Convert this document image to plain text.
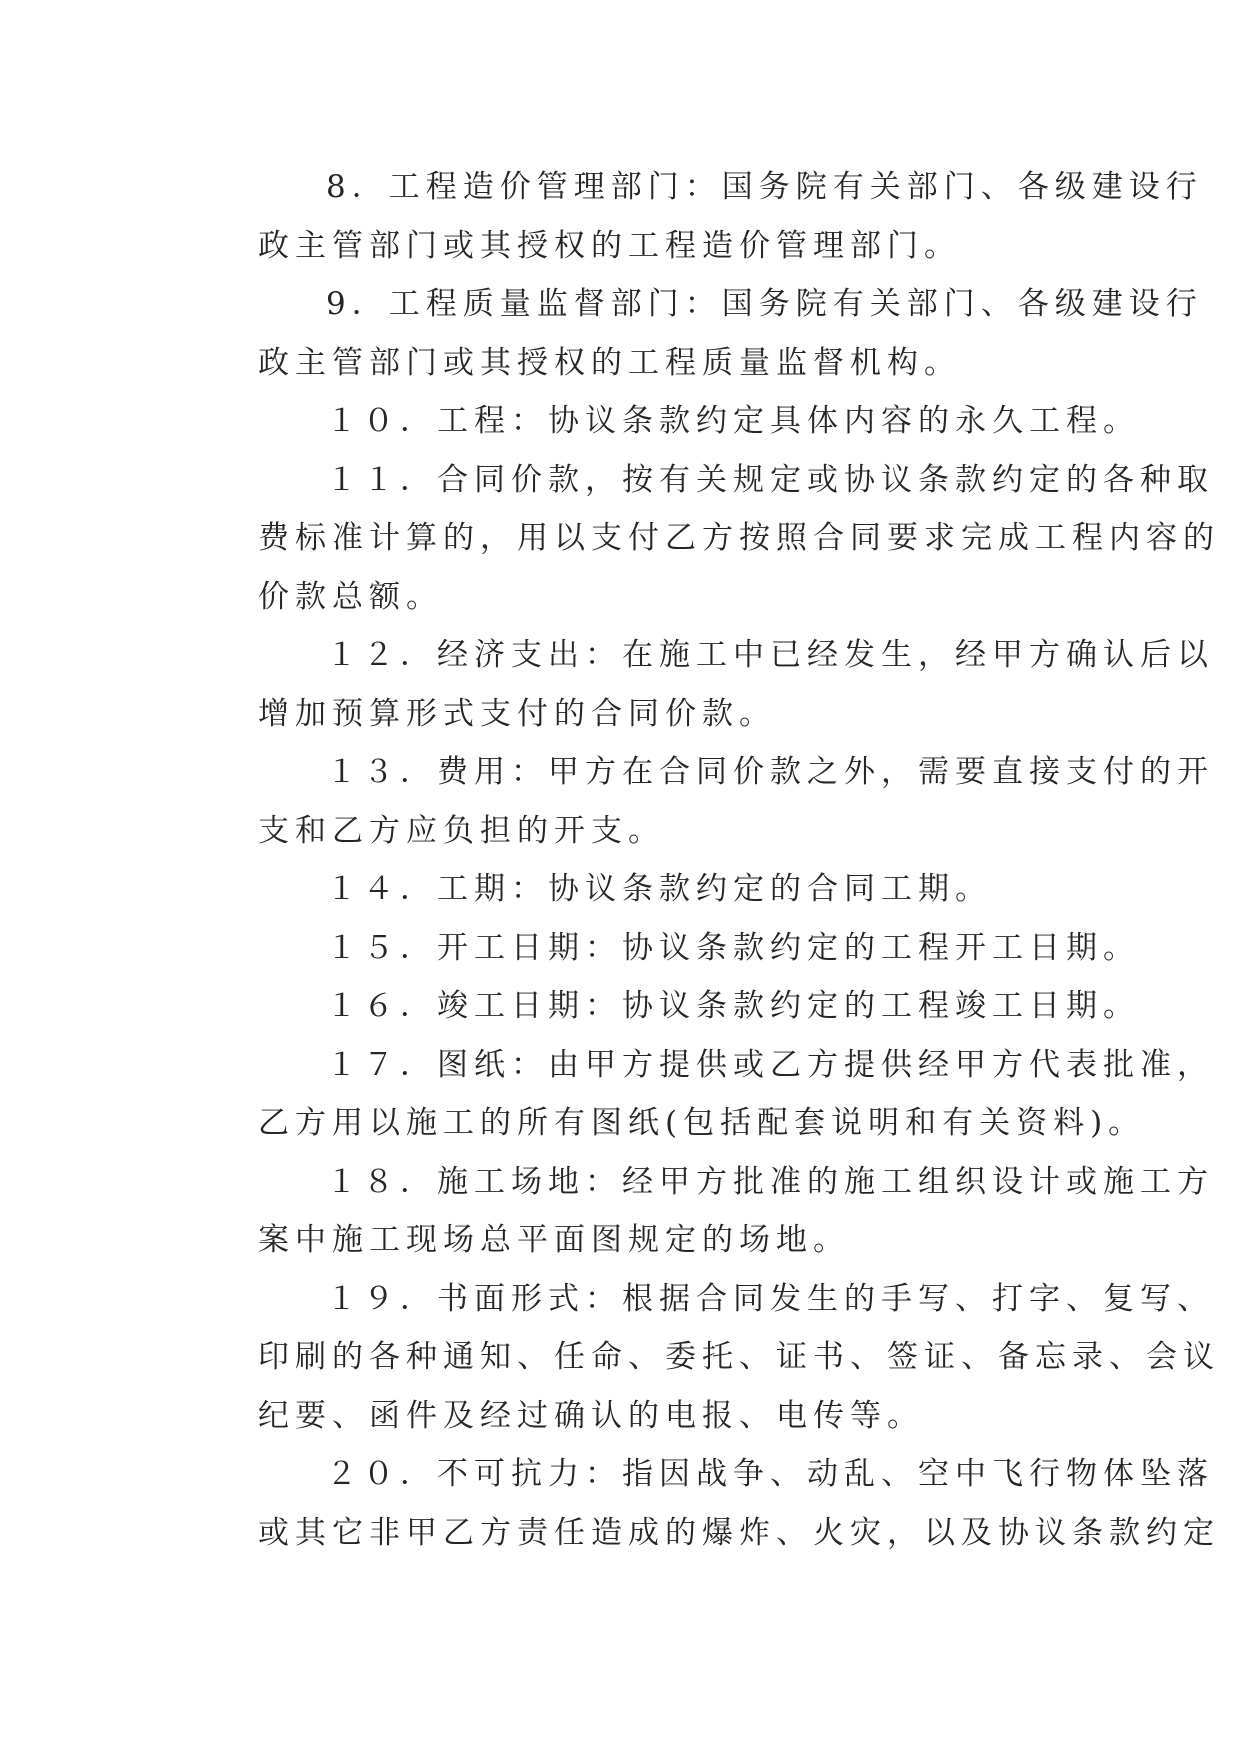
8．工程造价管理部门：国务院有关部门、各级建设行
政主管部门或其授权的工程造价管理部门。
9．工程质量监督部门：国务院有关部门、各级建设行
政主管部门或其授权的工程质量监督机构。
１０．工程：协议条款约定具体内容的永久工程。
１１．合同价款，按有关规定或协议条款约定的各种取
费标准计算的，用以支付乙方按照合同要求完成工程内容的
价款总额。
１２．经济支出：在施工中已经发生，经甲方确认后以
增加预算形式支付的合同价款。
１３．费用：甲方在合同价款之外，需要直接支付的开
支和乙方应负担的开支。
１４．工期：协议条款约定的合同工期。
１５．开工日期：协议条款约定的工程开工日期。
１６．竣工日期：协议条款约定的工程竣工日期。
１７．图纸：由甲方提供或乙方提供经甲方代表批准，
乙方用以施工的所有图纸(包括配套说明和有关资料)。
１８．施工场地：经甲方批准的施工组织设计或施工方
案中施工现场总平面图规定的场地。
１９．书面形式：根据合同发生的手写、打字、复写、
印刷的各种通知、任命、委托、证书、签证、备忘录、会议
纪要、函件及经过确认的电报、电传等。
２０．不可抗力：指因战争、动乱、空中飞行物体坠落
或其它非甲乙方责任造成的爆炸、火灾，以及协议条款约定
